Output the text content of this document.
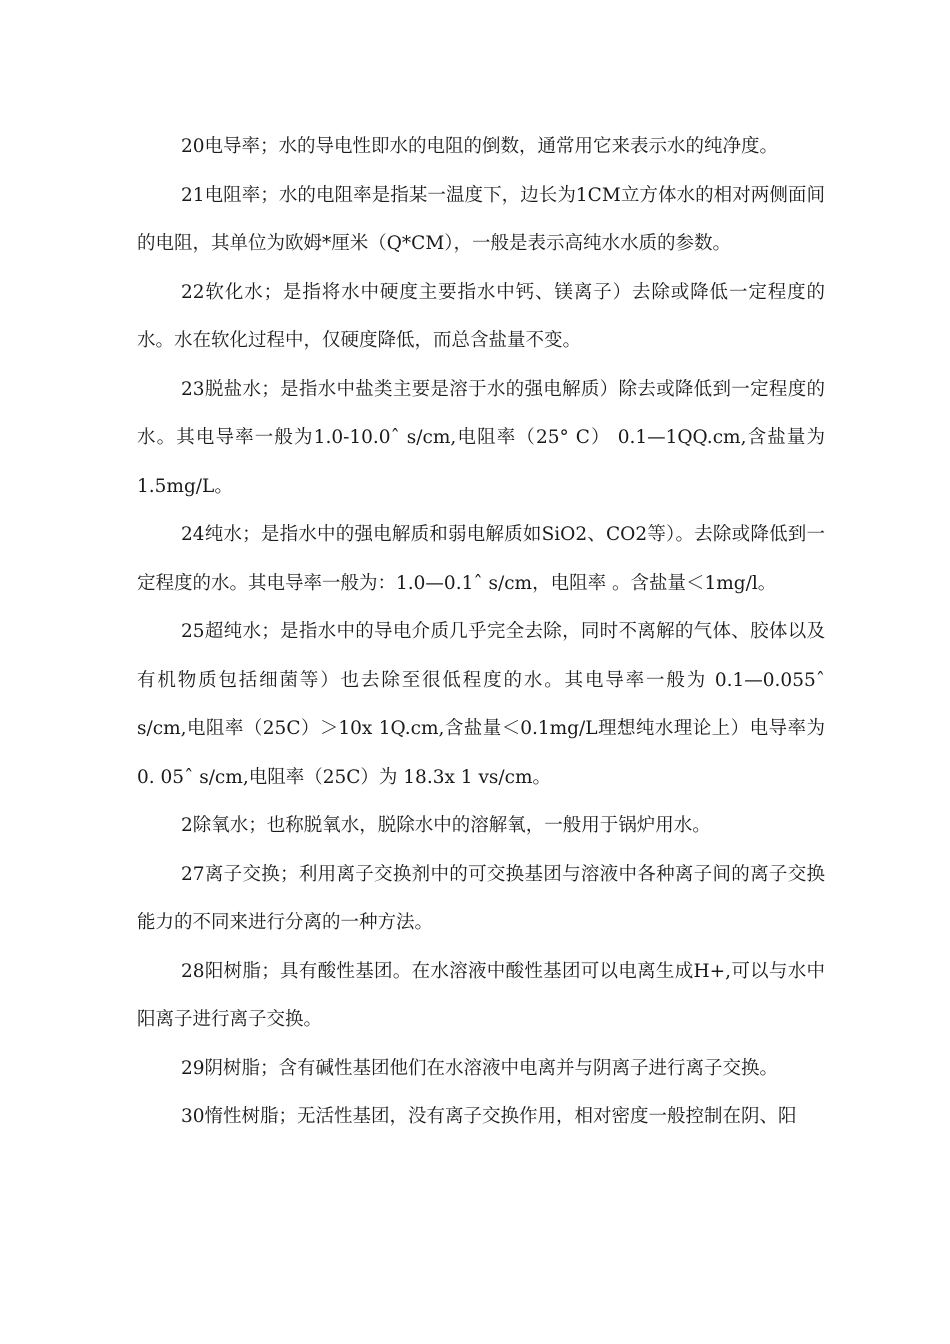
20电导率；水的导电性即水的电阻的倒数，通常用它来表示水的纯净度。

21电阻率；水的电阻率是指某一温度下，边长为1CM立方体水的相对两侧面间的电阻，其单位为欧姆*厘米（Q*CM），一般是表示高纯水水质的参数。

22软化水；是指将水中硬度主要指水中钙、镁离子）去除或降低一定程度的水。水在软化过程中，仅硬度降低，而总含盐量不变。

23脱盐水；是指水中盐类主要是溶于水的强电解质）除去或降低到一定程度的水。其电导率一般为1.0-10.0ˆ s/cm,电阻率（25° C） 0.1—1QQ.cm,含盐量为 1.5mg/L。

24纯水；是指水中的强电解质和弱电解质如SiO2、CO2等）。去除或降低到一定程度的水。其电导率一般为：1.0—0.1ˆ s/cm，电阻率 。含盐量＜1mg/l。

25超纯水；是指水中的导电介质几乎完全去除，同时不离解的气体、胶体以及有机物质包括细菌等）也去除至很低程度的水。其电导率一般为 0.1—0.055ˆ s/cm,电阻率（25C）＞10x 1Q.cm,含盐量＜0.1mg/L理想纯水理论上）电导率为0. 05ˆ s/cm,电阻率（25C）为 18.3x 1 vs/cm。

2除氧水；也称脱氧水，脱除水中的溶解氧，一般用于锅炉用水。

27离子交换；利用离子交换剂中的可交换基团与溶液中各种离子间的离子交换能力的不同来进行分离的一种方法。

28阳树脂；具有酸性基团。在水溶液中酸性基团可以电离生成H+,可以与水中阳离子进行离子交换。

29阴树脂；含有碱性基团他们在水溶液中电离并与阴离子进行离子交换。

30惰性树脂；无活性基团，没有离子交换作用，相对密度一般控制在阴、阳
